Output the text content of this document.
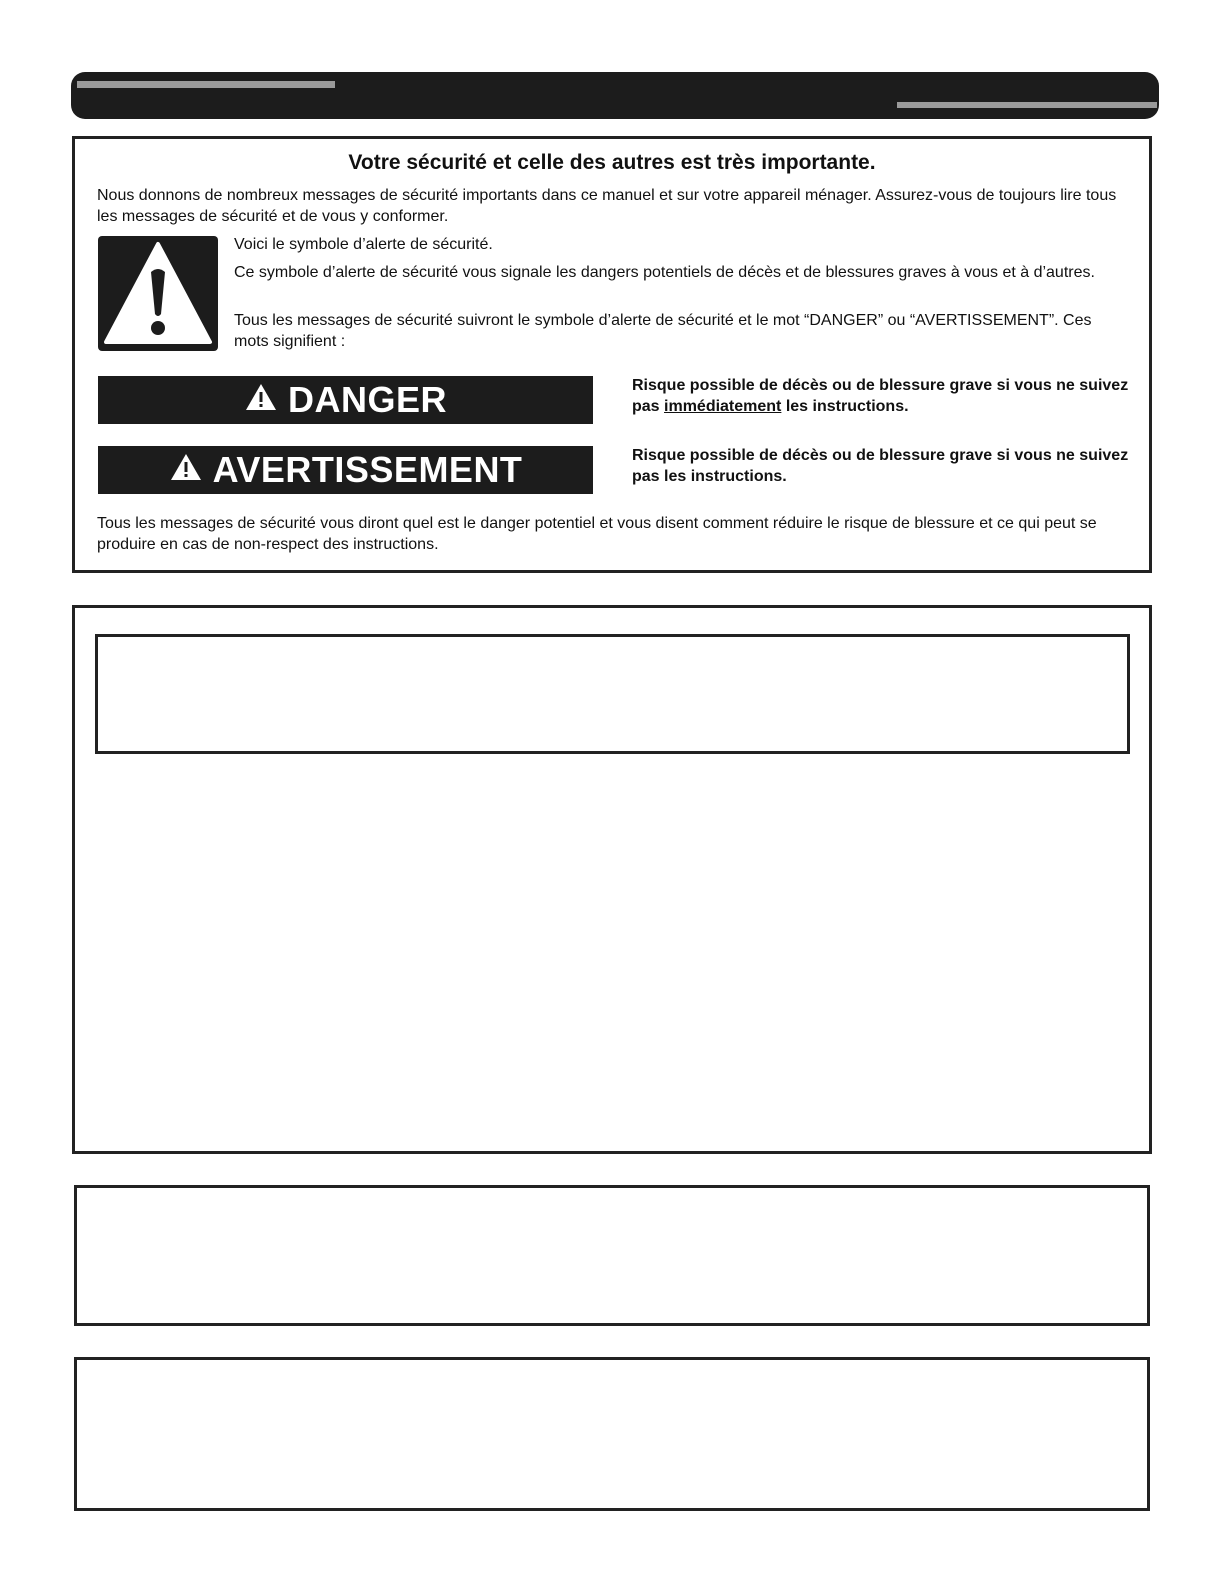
Votre sécurité et celle des autres est très importante.

Nous donnons de nombreux messages de sécurité importants dans ce manuel et sur votre appareil ménager. Assurez-vous de toujours lire tous les messages de sécurité et de vous y conformer.

Voici le symbole d’alerte de sécurité.

Ce symbole d’alerte de sécurité vous signale les dangers potentiels de décès et de blessures graves à vous et à d’autres.

Tous les messages de sécurité suivront le symbole d’alerte de sécurité et le mot “DANGER” ou “AVERTISSEMENT”. Ces mots signifient :

DANGER	Risque possible de décès ou de blessure grave si vous ne suivez pas immédiatement les instructions.
AVERTISSEMENT	Risque possible de décès ou de blessure grave si vous ne suivez pas les instructions.

Tous les messages de sécurité vous diront quel est le danger potentiel et vous disent comment réduire le risque de blessure et ce qui peut se produire en cas de non-respect des instructions.
